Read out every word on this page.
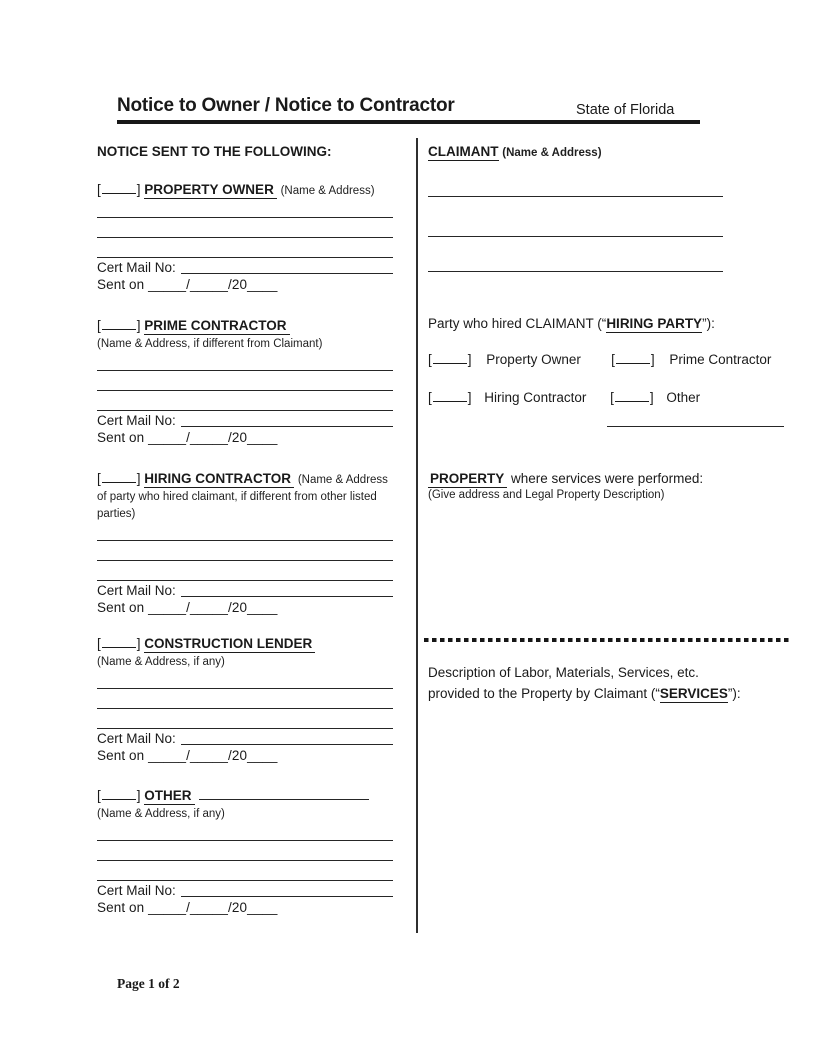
Notice to Owner / Notice to Contractor	State of Florida
NOTICE SENT TO THE FOLLOWING:
[	] PROPERTY OWNER (Name & Address)
Cert Mail No:
Sent on _____/_____/20____
[	] PRIME CONTRACTOR
(Name & Address, if different from Claimant)
Cert Mail No:
Sent on _____/_____/20____
[	] HIRING CONTRACTOR (Name & Address of party who hired claimant, if different from other listed parties)
Cert Mail No:
Sent on _____/_____/20____
[	] CONSTRUCTION LENDER
(Name & Address, if any)
Cert Mail No:
Sent on _____/_____/20____
[	] OTHER
(Name & Address, if any)
Cert Mail No:
Sent on _____/_____/20____
CLAIMANT (Name & Address)
Party who hired CLAIMANT (“HIRING PARTY”):
[	] Property Owner [	] Prime Contractor
[	] Hiring Contractor [	] Other
PROPERTY where services were performed:
(Give address and Legal Property Description)
Description of Labor, Materials, Services, etc.
provided to the Property by Claimant (“SERVICES”):
Page 1 of 2
